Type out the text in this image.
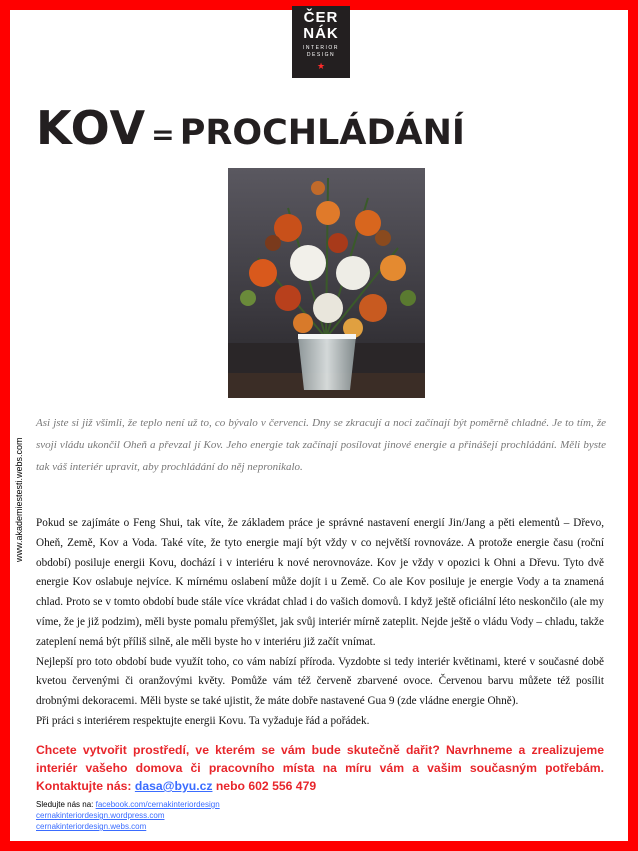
ČER
NÁK
INTERIOR
DESIGN
★
www.akademiestesti.webs.com
KOV = PROCHLÁDÁNÍ
Asi jste si již všimli, že teplo není už to, co bývalo v červenci. Dny se zkracují a noci začínají být poměrně chladné. Je to tím, že svoji vládu ukončil Oheň a převzal jí Kov. Jeho energie tak začínají posílovat jinové energie a přinášejí prochládání. Měli byste tak váš interiér upravit, aby prochládání do něj nepronikalo.

Pokud se zajímáte o Feng Shui, tak víte, že základem práce je správné nastavení energií Jin/Jang a pěti elementů – Dřevo, Oheň, Země, Kov a Voda. Také víte, že tyto energie mají být vždy v co největší rovnováze. A protože energie času (roční období) posiluje energii Kovu, dochází i v interiéru k nové nerovnováze. Kov je vždy v opozici k Ohni a Dřevu. Tyto dvě energie Kov oslabuje nejvíce. K mírnému oslabení může dojít i u Země. Co ale Kov posiluje je energie Vody a ta znamená chlad. Proto se v tomto období bude stále více vkrádat chlad i do vašich domovů. I když ještě oficiální léto neskončilo (ale my víme, že je již podzim), měli byste pomalu přemýšlet, jak svůj interiér mírně zateplit. Nejde ještě o vládu Vody – chladu, takže zateplení nemá být příliš silně, ale měli byste ho v interiéru již začít vnímat.

Nejlepší pro toto období bude využít toho, co vám nabízí příroda. Vyzdobte si tedy interiér květinami, které v současné době kvetou červenými či oranžovými květy. Pomůže vám též červeně zbarvené ovoce. Červenou barvu můžete též posílit drobnými dekoracemi. Měli byste se také ujistit, že máte dobře nastavené Gua 9 (zde vládne energie Ohně).

Při práci s interiérem respektujte energii Kovu. Ta vyžaduje řád a pořádek.

Chcete vytvořit prostředí, ve kterém se vám bude skutečně dařit? Navrhneme a zrealizujeme interiér vašeho domova či pracovního místa na míru vám a vašim současným potřebám. Kontaktujte nás: dasa@byu.cz nebo 602 556 479
Sledujte nás na: facebook.com/cernakinteriordesign
cernakinteriordesign.wordpress.com
cernakinteriordesign.webs.com
